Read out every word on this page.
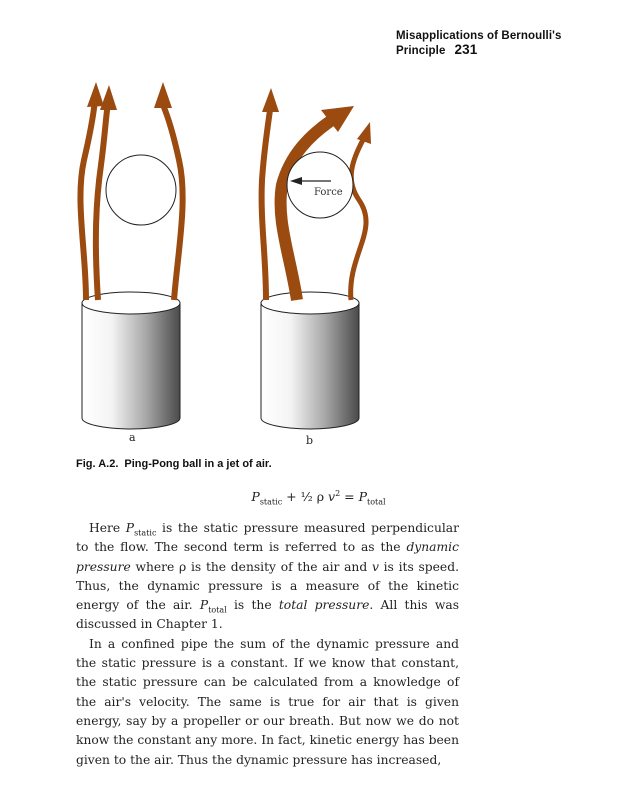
Misapplications of Bernoulli's Principle 231
Force
a	b
Fig. A.2. Ping-Pong ball in a jet of air.
$P_{static}$ + ½ ρ $v^2 = P_{total}$

Here $P_{static}$ is the static pressure measured perpendicular to the flow. The second term is referred to as the dynamic pressure where ρ is the density of the air and v is its speed. Thus, the dynamic pressure is a measure of the kinetic energy of the air. $P_{total}$ is the total pressure. All this was discussed in Chapter 1.

In a confined pipe the sum of the dynamic pressure and the static pressure is a constant. If we know that constant, the static pressure can be calculated from a knowledge of the air's velocity. The same is true for air that is given energy, say by a propeller or our breath. But now we do not know the constant any more. In fact, kinetic energy has been given to the air. Thus the dynamic pressure has increased,
